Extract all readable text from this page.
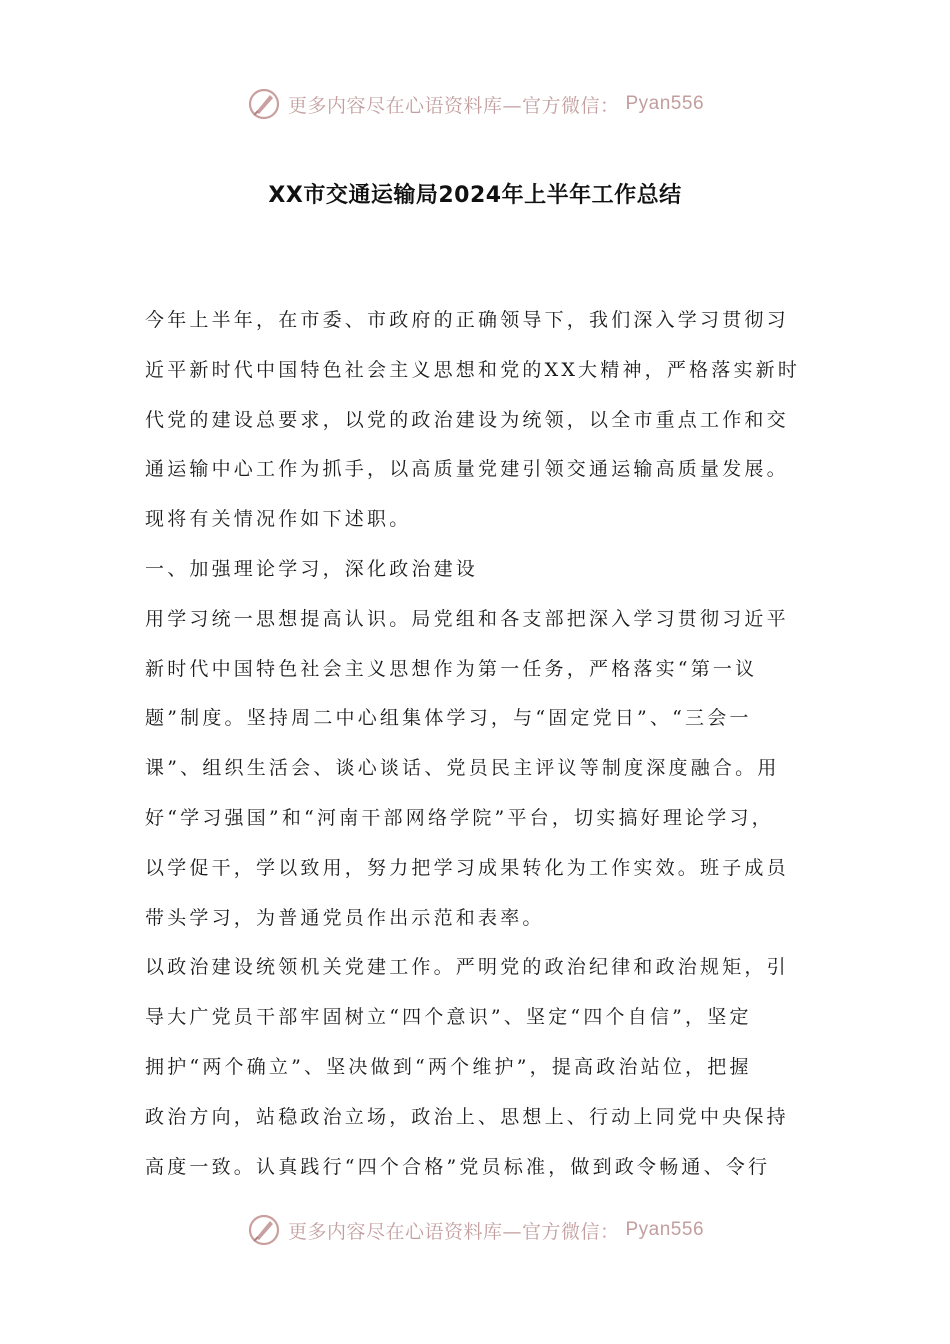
更多内容尽在心语资料库—官方微信： Pyan556
XX市交通运输局2024年上半年工作总结
今年上半年，在市委、市政府的正确领导下，我们深入学习贯彻习
近平新时代中国特色社会主义思想和党的XX大精神，严格落实新时
代党的建设总要求，以党的政治建设为统领，以全市重点工作和交
通运输中心工作为抓手，以高质量党建引领交通运输高质量发展。
现将有关情况作如下述职。
一、加强理论学习，深化政治建设
用学习统一思想提高认识。局党组和各支部把深入学习贯彻习近平
新时代中国特色社会主义思想作为第一任务，严格落实“第一议
题”制度。坚持周二中心组集体学习，与“固定党日”、“三会一
课”、组织生活会、谈心谈话、党员民主评议等制度深度融合。用
好“学习强国”和“河南干部网络学院”平台，切实搞好理论学习，
以学促干，学以致用，努力把学习成果转化为工作实效。班子成员
带头学习，为普通党员作出示范和表率。
以政治建设统领机关党建工作。严明党的政治纪律和政治规矩，引
导大广党员干部牢固树立“四个意识”、坚定“四个自信”，坚定
拥护“两个确立”、坚决做到“两个维护”，提高政治站位，把握
政治方向，站稳政治立场，政治上、思想上、行动上同党中央保持
高度一致。认真践行“四个合格”党员标准，做到政令畅通、令行
更多内容尽在心语资料库—官方微信： Pyan556
